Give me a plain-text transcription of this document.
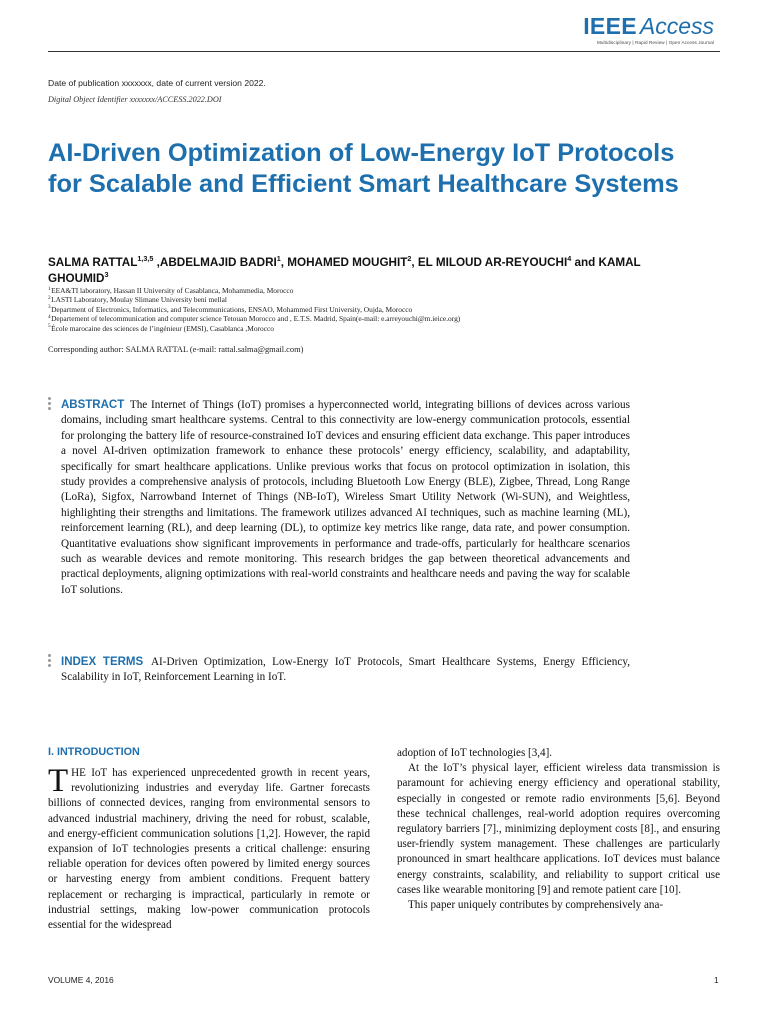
IEEE Access
Multidisciplinary | Rapid Review | Open Access Journal
Date of publication xxxxxxx, date of current version 2022.
Digital Object Identifier xxxxxxx/ACCESS.2022.DOI
AI-Driven Optimization of Low-Energy IoT Protocols for Scalable and Efficient Smart Healthcare Systems
SALMA RATTAL$^{1,3,5}$ ,ABDELMAJID BADRI$^1$, MOHAMED MOUGHIT$^2$, EL MILOUD AR-REYOUCHI$^4$ and KAMAL GHOUMID$^3$
$^1$EEA&TI laboratory, Hassan II University of Casablanca, Mohammedia, Morocco
$^2$LASTI Laboratory, Moulay Slimane University beni mellal
$^3$Department of Electronics, Informatics, and Telecommunications, ENSAO, Mohammed First University, Oujda, Morocco
$^4$Departement of telecommunication and computer science Tetouan Morocco and , E.T.S. Madrid, Spain(e-mail: e.arreyouchi@m.ieice.org)
$^5$École marocaine des sciences de l’ingénieur (EMSI), Casablanca ,Morocco
Corresponding author: SALMA RATTAL (e-mail: rattal.salma@gmail.com)
ABSTRACT The Internet of Things (IoT) promises a hyperconnected world, integrating billions of devices across various domains, including smart healthcare systems. Central to this connectivity are low-energy communication protocols, essential for prolonging the battery life of resource-constrained IoT devices and ensuring efficient data exchange. This paper introduces a novel AI-driven optimization framework to enhance these protocols’ energy efficiency, scalability, and adaptability, specifically for smart healthcare applications. Unlike previous works that focus on protocol optimization in isolation, this study provides a comprehensive analysis of protocols, including Bluetooth Low Energy (BLE), Zigbee, Thread, Long Range (LoRa), Sigfox, Narrowband Internet of Things (NB-IoT), Wireless Smart Utility Network (Wi-SUN), and Weightless, highlighting their strengths and limitations. The framework utilizes advanced AI techniques, such as machine learning (ML), reinforcement learning (RL), and deep learning (DL), to optimize key metrics like range, data rate, and power consumption. Quantitative evaluations show significant improvements in performance and trade-offs, particularly for healthcare scenarios such as wearable devices and remote monitoring. This research bridges the gap between theoretical advancements and practical deployments, aligning optimizations with real-world constraints and healthcare needs and paving the way for scalable IoT solutions.
INDEX TERMS AI-Driven Optimization, Low-Energy IoT Protocols, Smart Healthcare Systems, Energy Efficiency, Scalability in IoT, Reinforcement Learning in IoT.
I. INTRODUCTION

THE IoT has experienced unprecedented growth in recent years, revolutionizing industries and everyday life. Gartner forecasts billions of connected devices, ranging from environmental sensors to advanced industrial machinery, driving the need for robust, scalable, and energy-efficient communication solutions [1,2]. However, the rapid expansion of IoT technologies presents a critical challenge: ensuring reliable operation for devices often powered by limited energy sources or harvesting energy from ambient conditions. Frequent battery replacement or recharging is impractical, particularly in remote or industrial settings, making low-power communication protocols essential for the widespread

adoption of IoT technologies [3,4].

At the IoT’s physical layer, efficient wireless data transmission is paramount for achieving energy efficiency and operational stability, especially in congested or remote radio environments [5,6]. Beyond these technical challenges, real-world adoption requires overcoming regulatory barriers [7]., minimizing deployment costs [8]., and ensuring user-friendly system management. These challenges are particularly pronounced in smart healthcare applications. IoT devices must balance energy constraints, scalability, and reliability to support critical use cases like wearable monitoring [9] and remote patient care [10].

This paper uniquely contributes by comprehensively ana-

VOLUME 4, 2016	1
